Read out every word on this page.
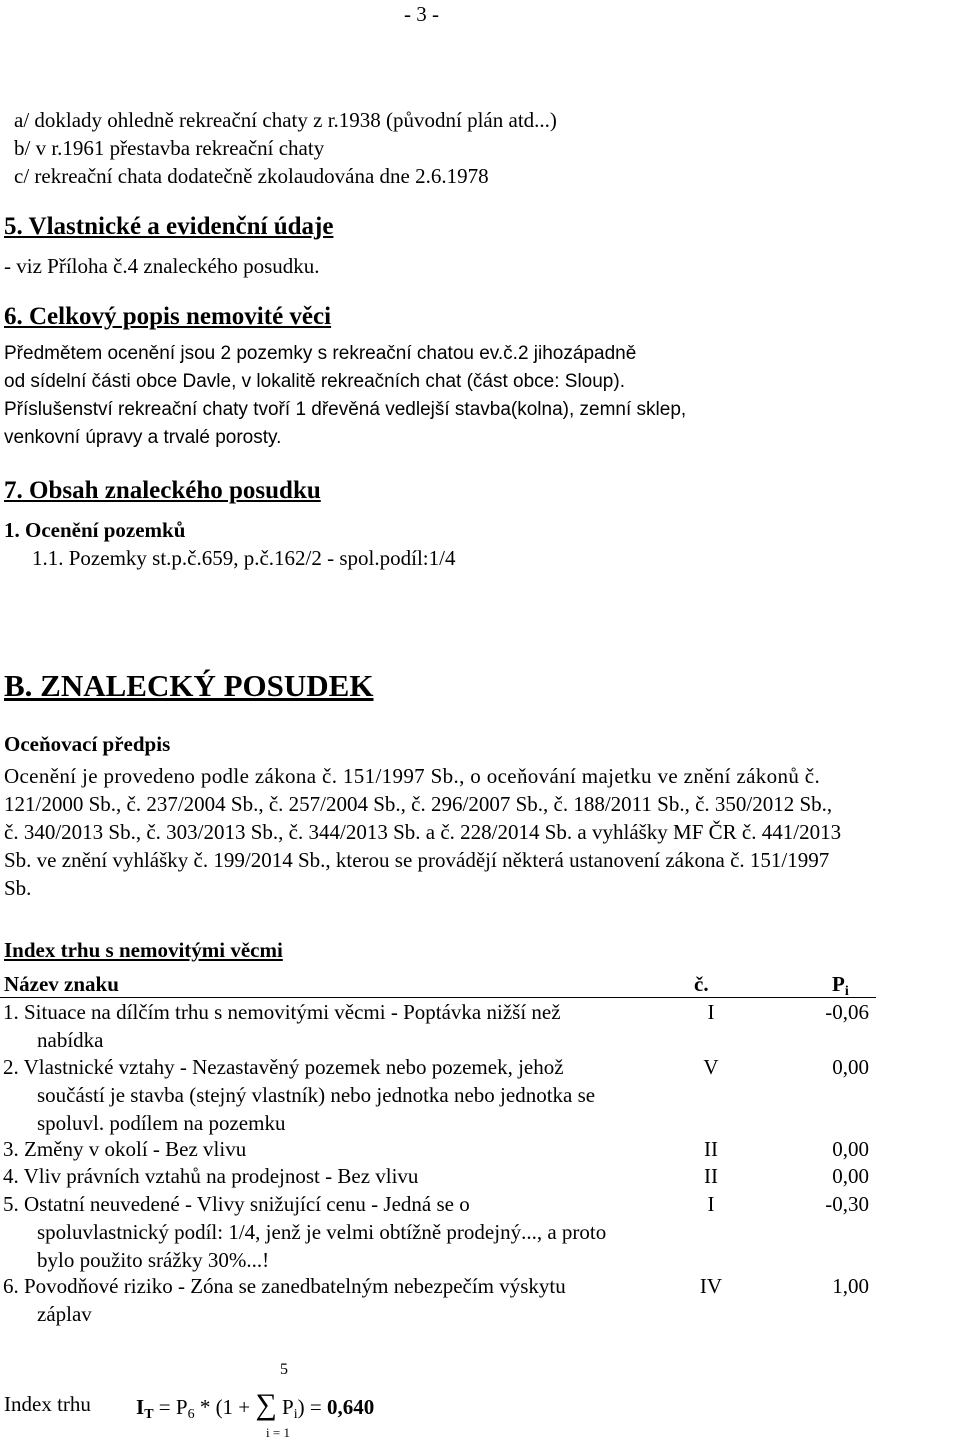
- 3 -
a/ doklady ohledně rekreační chaty z r.1938 (původní plán atd...)
b/ v r.1961 přestavba rekreační chaty
c/ rekreační chata dodatečně zkolaudována dne 2.6.1978
5. Vlastnické a evidenční údaje
- viz Příloha č.4 znaleckého posudku.
6. Celkový popis nemovité věci
Předmětem ocenění jsou 2 pozemky s rekreační chatou ev.č.2 jihozápadně
od sídelní části obce Davle, v lokalitě rekreačních chat (část obce: Sloup).
Příslušenství rekreační chaty tvoří 1 dřevěná vedlejší stavba(kolna), zemní sklep,
venkovní úpravy a trvalé porosty.
7. Obsah znaleckého posudku
1. Ocenění pozemků
1.1. Pozemky st.p.č.659, p.č.162/2 - spol.podíl:1/4
B. ZNALECKÝ POSUDEK
Oceňovací předpis
Ocenění je provedeno podle zákona č. 151/1997 Sb., o oceňování majetku ve znění zákonů č.
121/2000 Sb., č. 237/2004 Sb., č. 257/2004 Sb., č. 296/2007 Sb., č. 188/2011 Sb., č. 350/2012 Sb.,
č. 340/2013 Sb., č. 303/2013 Sb., č. 344/2013 Sb. a č. 228/2014 Sb. a vyhlášky MF ČR č. 441/2013
Sb. ve znění vyhlášky č. 199/2014 Sb., kterou se provádějí některá ustanovení zákona č. 151/1997
Sb.
Index trhu s nemovitými věcmi
Název znaku	č.	$P_i$
1. Situace na dílčím trhu s nemovitými věcmi - Poptávka nižší než
nabídka
I	-0,06
2. Vlastnické vztahy - Nezastavěný pozemek nebo pozemek, jehož
součástí je stavba (stejný vlastník) nebo jednotka nebo jednotka se
spoluvl. podílem na pozemku
V	0,00
3. Změny v okolí - Bez vlivu	II	0,00
4. Vliv právních vztahů na prodejnost - Bez vlivu	II	0,00
5. Ostatní neuvedené - Vlivy snižující cenu - Jedná se o
spoluvlastnický podíl: 1/4, jenž je velmi obtížně prodejný..., a proto
bylo použito srážky 30%...!
I	-0,30
6. Povodňové riziko - Zóna se zanedbatelným nebezpečím výskytu
záplav
IV	1,00
Index trhu
5
i = 1
$I_T = P_6 * (1$ + ∑ $P_i) = 0,640$
